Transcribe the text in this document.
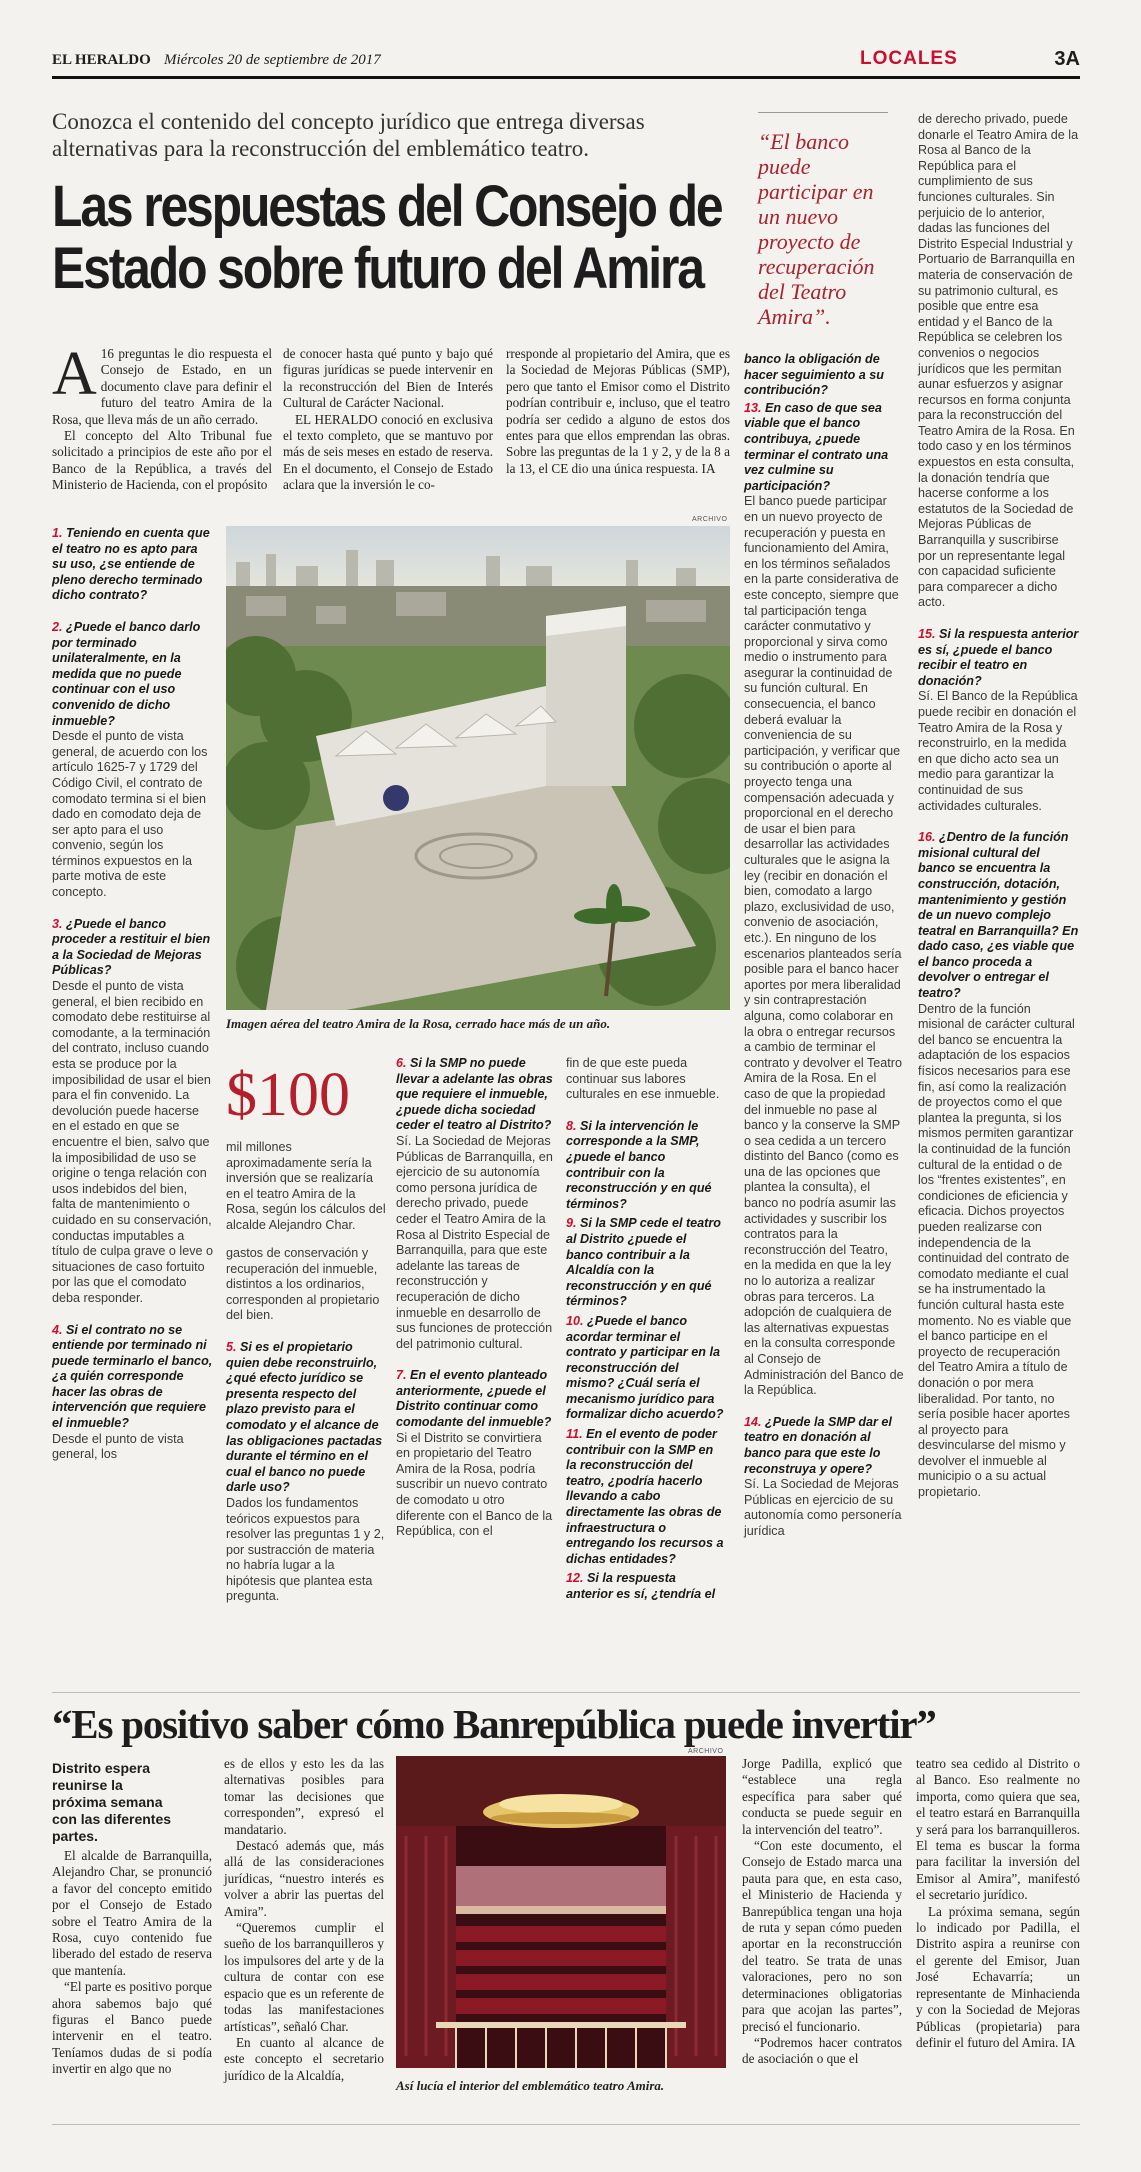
EL HERALDO Miércoles 20 de septiembre de 2017	LOCALES	3A
Conozca el contenido del concepto jurídico que entrega diversas alternativas para la reconstrucción del emblemático teatro.
Las respuestas del Consejo de Estado sobre futuro del Amira
“El banco puede participar en un nuevo proyecto de recuperación del Teatro Amira”.
A 16 preguntas le dio respuesta el Consejo de Estado, en un documento clave para definir el futuro del teatro Amira de la Rosa, que lleva más de un año cerrado.

El concepto del Alto Tribunal fue solicitado a principios de este año por el Banco de la República, a través del Ministerio de Hacienda, con el propósito

de conocer hasta qué punto y bajo qué figuras jurídicas se puede intervenir en la reconstrucción del Bien de Interés Cultural de Carácter Nacional.

EL HERALDO conoció en exclusiva el texto completo, que se mantuvo por más de seis meses en estado de reserva. En el documento, el Consejo de Estado aclara que la inversión le co-

rresponde al propietario del Amira, que es la Sociedad de Mejoras Públicas (SMP), pero que tanto el Emisor como el Distrito podrían contribuir e, incluso, que el teatro podría ser cedido a alguno de estos dos entes para que ellos emprendan las obras. Sobre las preguntas de la 1 y 2, y de la 8 a la 13, el CE dio una única respuesta. IA

1. Teniendo en cuenta que el teatro no es apto para su uso, ¿se entiende de pleno derecho terminado dicho contrato?
2. ¿Puede el banco darlo por terminado unilateralmente, en la medida que no puede continuar con el uso convenido de dicho inmueble?
Desde el punto de vista general, de acuerdo con los artículo 1625-7 y 1729 del Código Civil, el contrato de comodato termina si el bien dado en comodato deja de ser apto para el uso convenio, según los términos expuestos en la parte motiva de este concepto.
3. ¿Puede el banco proceder a restituir el bien a la Sociedad de Mejoras Públicas?
Desde el punto de vista general, el bien recibido en comodato debe restituirse al comodante, a la terminación del contrato, incluso cuando esta se produce por la imposibilidad de usar el bien para el fin convenido. La devolución puede hacerse en el estado en que se encuentre el bien, salvo que la imposibilidad de uso se origine o tenga relación con usos indebidos del bien, falta de mantenimiento o cuidado en su conservación, conductas imputables a título de culpa grave o leve o situaciones de caso fortuito por las que el comodato deba responder.
4. Si el contrato no se entiende por terminado ni puede terminarlo el banco, ¿a quién corresponde hacer las obras de intervención que requiere el inmueble?
Desde el punto de vista general, los
ARCHIVO
Imagen aérea del teatro Amira de la Rosa, cerrado hace más de un año.
$100
mil millones aproximadamente sería la inversión que se realizaría en el teatro Amira de la Rosa, según los cálculos del alcalde Alejandro Char.
gastos de conservación y recuperación del inmueble, distintos a los ordinarios, corresponden al propietario del bien.
5. Si es el propietario quien debe reconstruirlo, ¿qué efecto jurídico se presenta respecto del plazo previsto para el comodato y el alcance de las obligaciones pactadas durante el término en el cual el banco no puede darle uso?
Dados los fundamentos teóricos expuestos para resolver las preguntas 1 y 2, por sustracción de materia no habría lugar a la hipótesis que plantea esta pregunta.
6. Si la SMP no puede llevar a adelante las obras que requiere el inmueble, ¿puede dicha sociedad ceder el teatro al Distrito?
Sí. La Sociedad de Mejoras Públicas de Barranquilla, en ejercicio de su autonomía como persona jurídica de derecho privado, puede ceder el Teatro Amira de la Rosa al Distrito Especial de Barranquilla, para que este adelante las tareas de reconstrucción y recuperación de dicho inmueble en desarrollo de sus funciones de protección del patrimonio cultural.
7. En el evento planteado anteriormente, ¿puede el Distrito continuar como comodante del inmueble?
Si el Distrito se convirtiera en propietario del Teatro Amira de la Rosa, podría suscribir un nuevo contrato de comodato u otro diferente con el Banco de la República, con el
fin de que este pueda continuar sus labores culturales en ese inmueble.
8. Si la intervención le corresponde a la SMP, ¿puede el banco contribuir con la reconstrucción y en qué términos?
9. Si la SMP cede el teatro al Distrito ¿puede el banco contribuir a la Alcaldía con la reconstrucción y en qué términos?
10. ¿Puede el banco acordar terminar el contrato y participar en la reconstrucción del mismo? ¿Cuál sería el mecanismo jurídico para formalizar dicho acuerdo?
11. En el evento de poder contribuir con la SMP en la reconstrucción del teatro, ¿podría hacerlo llevando a cabo directamente las obras de infraestructura o entregando los recursos a dichas entidades?
12. Si la respuesta anterior es sí, ¿tendría el
banco la obligación de hacer seguimiento a su contribución?
13. En caso de que sea viable que el banco contribuya, ¿puede terminar el contrato una vez culmine su participación?
El banco puede participar en un nuevo proyecto de recuperación y puesta en funcionamiento del Amira, en los términos señalados en la parte considerativa de este concepto, siempre que tal participación tenga carácter conmutativo y proporcional y sirva como medio o instrumento para asegurar la continuidad de su función cultural. En consecuencia, el banco deberá evaluar la conveniencia de su participación, y verificar que su contribución o aporte al proyecto tenga una compensación adecuada y proporcional en el derecho de usar el bien para desarrollar las actividades culturales que le asigna la ley (recibir en donación el bien, comodato a largo plazo, exclusividad de uso, convenio de asociación, etc.). En ninguno de los escenarios planteados sería posible para el banco hacer aportes por mera liberalidad y sin contraprestación alguna, como colaborar en la obra o entregar recursos a cambio de terminar el contrato y devolver el Teatro Amira de la Rosa. En el caso de que la propiedad del inmueble no pase al banco y la conserve la SMP o sea cedida a un tercero distinto del Banco (como es una de las opciones que plantea la consulta), el banco no podría asumir las actividades y suscribir los contratos para la reconstrucción del Teatro, en la medida en que la ley no lo autoriza a realizar obras para terceros. La adopción de cualquiera de las alternativas expuestas en la consulta corresponde al Consejo de Administración del Banco de la República.
14. ¿Puede la SMP dar el teatro en donación al banco para que este lo reconstruya y opere?
Sí. La Sociedad de Mejoras Públicas en ejercicio de su autonomía como personería jurídica
de derecho privado, puede donarle el Teatro Amira de la Rosa al Banco de la República para el cumplimiento de sus funciones culturales. Sin perjuicio de lo anterior, dadas las funciones del Distrito Especial Industrial y Portuario de Barranquilla en materia de conservación de su patrimonio cultural, es posible que entre esa entidad y el Banco de la República se celebren los convenios o negocios jurídicos que les permitan aunar esfuerzos y asignar recursos en forma conjunta para la reconstrucción del Teatro Amira de la Rosa. En todo caso y en los términos expuestos en esta consulta, la donación tendría que hacerse conforme a los estatutos de la Sociedad de Mejoras Públicas de Barranquilla y suscribirse por un representante legal con capacidad suficiente para comparecer a dicho acto.
15. Si la respuesta anterior es sí, ¿puede el banco recibir el teatro en donación?
Sí. El Banco de la República puede recibir en donación el Teatro Amira de la Rosa y reconstruirlo, en la medida en que dicho acto sea un medio para garantizar la continuidad de sus actividades culturales.
16. ¿Dentro de la función misional cultural del banco se encuentra la construcción, dotación, mantenimiento y gestión de un nuevo complejo teatral en Barranquilla? En dado caso, ¿es viable que el banco proceda a devolver o entregar el teatro?
Dentro de la función misional de carácter cultural del banco se encuentra la adaptación de los espacios físicos necesarios para ese fin, así como la realización de proyectos como el que plantea la pregunta, si los mismos permiten garantizar la continuidad de la función cultural de la entidad o de los “frentes existentes”, en condiciones de eficiencia y eficacia. Dichos proyectos pueden realizarse con independencia de la continuidad del contrato de comodato mediante el cual se ha instrumentado la función cultural hasta este momento. No es viable que el banco participe en el proyecto de recuperación del Teatro Amira a título de donación o por mera liberalidad. Por tanto, no sería posible hacer aportes al proyecto para desvincularse del mismo y devolver el inmueble al municipio o a su actual propietario.
“Es positivo saber cómo Banrepública puede invertir”
ARCHIVO
Distrito espera reunirse la próxima semana con las diferentes partes.

El alcalde de Barranquilla, Alejandro Char, se pronunció a favor del concepto emitido por el Consejo de Estado sobre el Teatro Amira de la Rosa, cuyo contenido fue liberado del estado de reserva que mantenía.

“El parte es positivo porque ahora sabemos bajo qué figuras el Banco puede intervenir en el teatro. Teníamos dudas de si podía invertir en algo que no

es de ellos y esto les da las alternativas posibles para tomar las decisiones que corresponden”, expresó el mandatario.

Destacó además que, más allá de las consideraciones jurídicas, “nuestro interés es volver a abrir las puertas del Amira”.

“Queremos cumplir el sueño de los barranquilleros y los impulsores del arte y de la cultura de contar con ese espacio que es un referente de todas las manifestaciones artísticas”, señaló Char.

En cuanto al alcance de este concepto el secretario jurídico de la Alcaldía,

Así lucía el interior del emblemático teatro Amira.

Jorge Padilla, explicó que “establece una regla específica para saber qué conducta se puede seguir en la intervención del teatro”.

“Con este documento, el Consejo de Estado marca una pauta para que, en esta caso, el Ministerio de Hacienda y Banrepública tengan una hoja de ruta y sepan cómo pueden aportar en la reconstrucción del teatro. Se trata de unas valoraciones, pero no son determinaciones obligatorias para que acojan las partes”, precisó el funcionario.

“Podremos hacer contratos de asociación o que el

teatro sea cedido al Distrito o al Banco. Eso realmente no importa, como quiera que sea, el teatro estará en Barranquilla y será para los barranquilleros. El tema es buscar la forma para facilitar la inversión del Emisor al Amira”, manifestó el secretario jurídico.

La próxima semana, según lo indicado por Padilla, el Distrito aspira a reunirse con el gerente del Emisor, Juan José Echavarría; un representante de Minhacienda y con la Sociedad de Mejoras Públicas (propietaria) para definir el futuro del Amira. IA
